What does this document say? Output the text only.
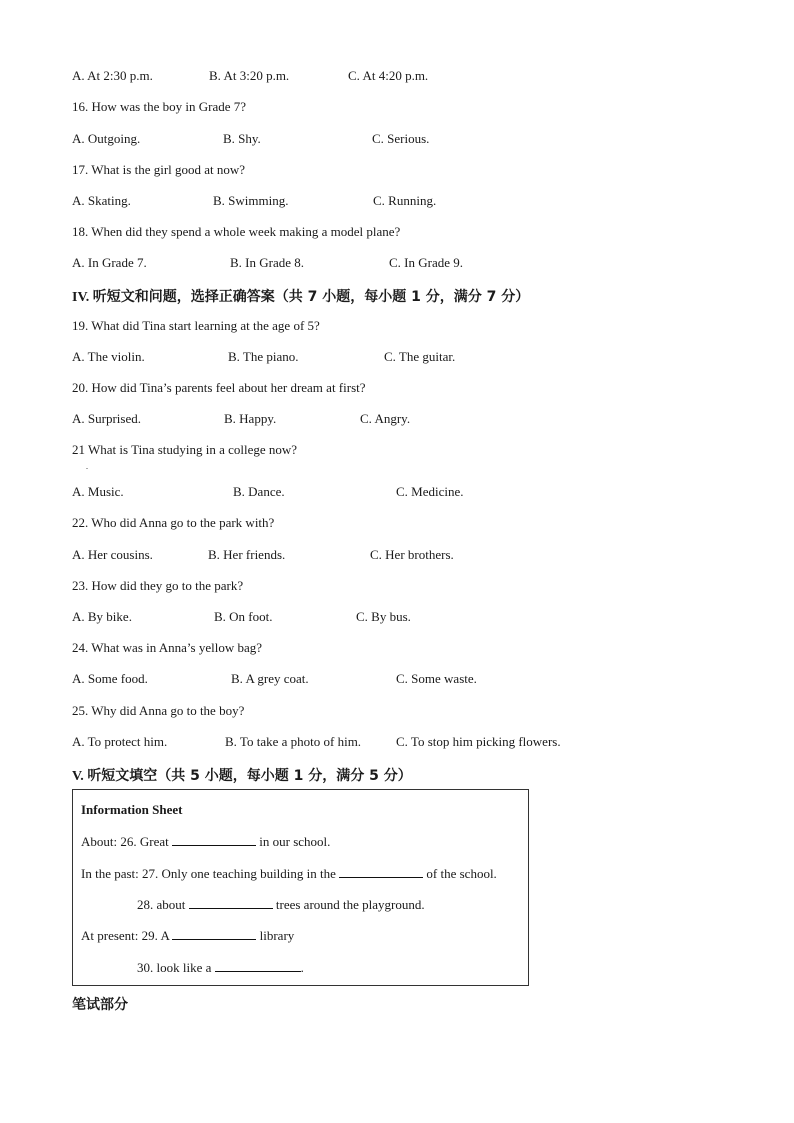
A. At 2:30 p.m.	B. At 3:20 p.m.	C. At 4:20 p.m.
16. How was the boy in Grade 7?
A. Outgoing.	B. Shy.	C. Serious.
17. What is the girl good at now?
A. Skating.	B. Swimming.	C. Running.
18. When did they spend a whole week making a model plane?
A. In Grade 7.	B. In Grade 8.	C. In Grade 9.
IV. 听短文和问题，选择正确答案（共 7 小题，每小题 1 分，满分 7 分）
19. What did Tina start learning at the age of 5?
A. The violin.	B. The piano.	C. The guitar.
20. How did Tina’s parents feel about her dream at first?
A. Surprised.	B. Happy.	C. Angry.
21 What is Tina studying in a college now?
.
A. Music.	B. Dance.	C. Medicine.
22. Who did Anna go to the park with?
A. Her cousins.	B. Her friends.	C. Her brothers.
23. How did they go to the park?
A. By bike.	B. On foot.	C. By bus.
24. What was in Anna’s yellow bag?
A. Some food.	B. A grey coat.	C. Some waste.
25. Why did Anna go to the boy?
A. To protect him.	B. To take a photo of him.	C. To stop him picking flowers.
V. 听短文填空（共 5 小题，每小题 1 分，满分 5 分）
Information Sheet
About: 26. Great	in our school.
In the past: 27. Only one teaching building in the	of the school.
28. about	trees around the playground.
At present: 29. A	library
30. look like a	.
笔试部分
